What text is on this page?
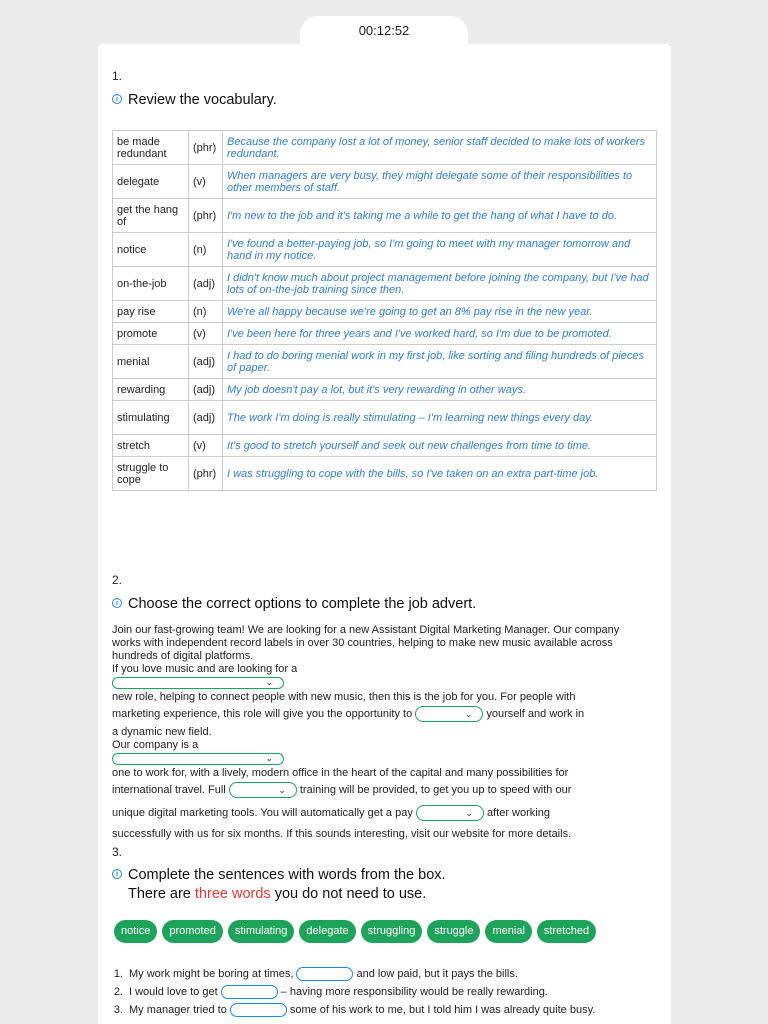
00:12:52
1.
i Review the vocabulary.
be made redundant	(phr)	Because the company lost a lot of money, senior staff decided to make lots of workers redundant.
delegate	(v)	When managers are very busy, they might delegate some of their responsibilities to other members of staff.
get the hang of	(phr)	I'm new to the job and it's taking me a while to get the hang of what I have to do.
notice	(n)	I've found a better-paying job, so I'm going to meet with my manager tomorrow and hand in my notice.
on-the-job	(adj)	I didn't know much about project management before joining the company, but I've had lots of on-the-job training since then.
pay rise	(n)	We're all happy because we're going to get an 8% pay rise in the new year.
promote	(v)	I've been here for three years and I've worked hard, so I'm due to be promoted.
menial	(adj)	I had to do boring menial work in my first job, like sorting and filing hundreds of pieces of paper.
rewarding	(adj)	My job doesn't pay a lot, but it's very rewarding in other ways.
stimulating	(adj)	The work I'm doing is really stimulating – I'm learning new things every day.
stretch	(v)	It's good to stretch yourself and seek out new challenges from time to time.
struggle to cope	(phr)	I was struggling to cope with the bills, so I've taken on an extra part-time job.
2.
i Choose the correct options to complete the job advert.
Join our fast-growing team! We are looking for a new Assistant Digital Marketing Manager. Our company works with independent record labels in over 30 countries, helping to make new music available across hundreds of digital platforms.
If you love music and are looking for a
⌄
new role, helping to connect people with new music, then this is the job for you. For people with
marketing experience, this role will give you the opportunity to	⌄ yourself and work in
a dynamic new field.
Our company is a
⌄
one to work for, with a lively, modern office in the heart of the capital and many possibilities for
international travel. Full	⌄ training will be provided, to get you up to speed with our
unique digital marketing tools. You will automatically get a pay	⌄ after working
successfully with us for six months. If this sounds interesting, visit our website for more details.
3.
i Complete the sentences with words from the box.
There are three words you do not need to use.
notice	promoted	stimulating	delegate	struggling	struggle	menial	stretched
1. My work might be boring at times,	and low paid, but it pays the bills.
2. I would love to get	– having more responsibility would be really rewarding.
3. My manager tried to	some of his work to me, but I told him I was already quite busy.
